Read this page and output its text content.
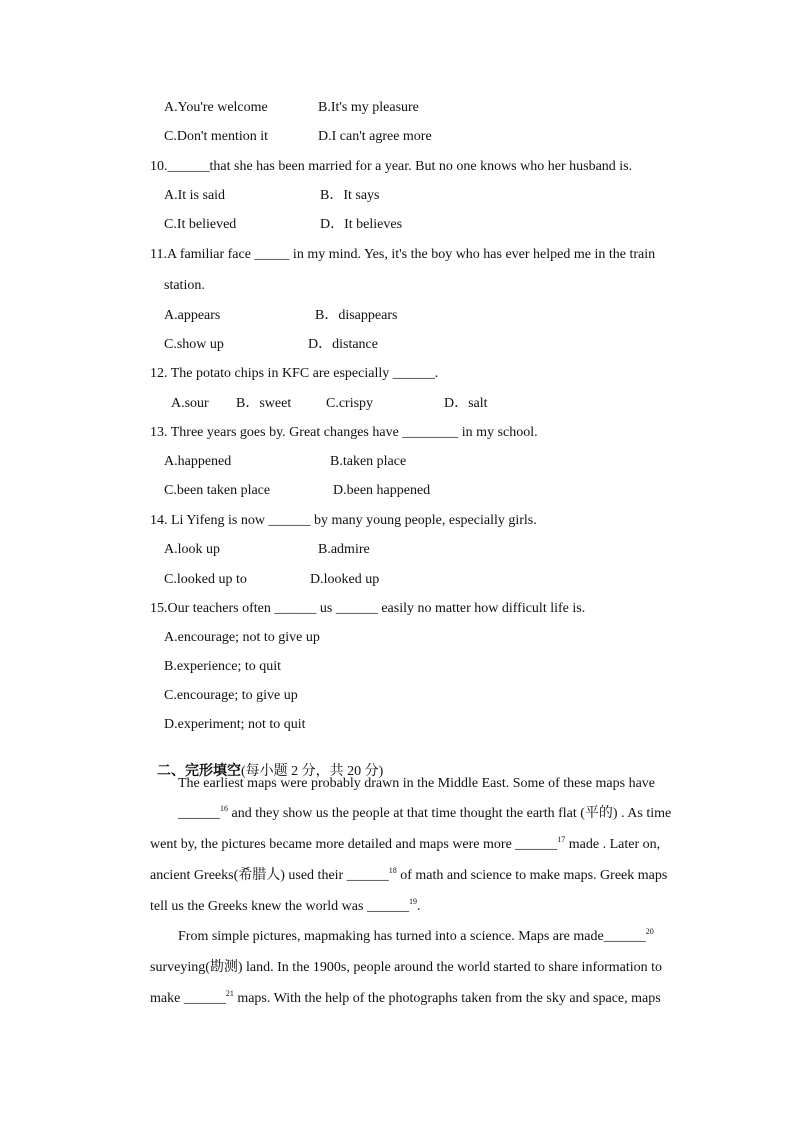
A.You're welcome	B.It's my pleasure
C.Don't mention it	D.I can't agree more
10.______that she has been married for a year. But no one knows who her husband is.
A.It is said	B．It says
C.It believed	D．It believes
11.A familiar face _____ in my mind. Yes, it's the boy who has ever helped me in the train
station.
A.appears	B．disappears
C.show up	D．distance
12. The potato chips in KFC are especially ______.
A.sour B．sweet C.crispy	D．salt
13. Three years goes by. Great changes have ________ in my school.
A.happened	B.taken place
C.been taken place	D.been happened
14. Li Yifeng is now ______ by many young people, especially girls.
A.look up	B.admire
C.looked up to	D.looked up
15.Our teachers often ______ us ______ easily no matter how difficult life is.
A.encourage; not to give up
B.experience; to quit
C.encourage; to give up
D.experiment; not to quit

二、完形填空(每小题 2 分，共 20 分)

The earliest maps were probably drawn in the Middle East. Some of these maps have
______$^{16}$ and they show us the people at that time thought the earth flat (平的) . As time
went by, the pictures became more detailed and maps were more ______$^{17}$ made . Later on,
ancient Greeks(希腊人) used their ______$^{18}$ of math and science to make maps. Greek maps
tell us the Greeks knew the world was ______$^{19}$.
From simple pictures, mapmaking has turned into a science. Maps are made______$^{20}$
surveying(勘测) land. In the 1900s, people around the world started to share information to
make ______$^{21}$ maps. With the help of the photographs taken from the sky and space, maps
